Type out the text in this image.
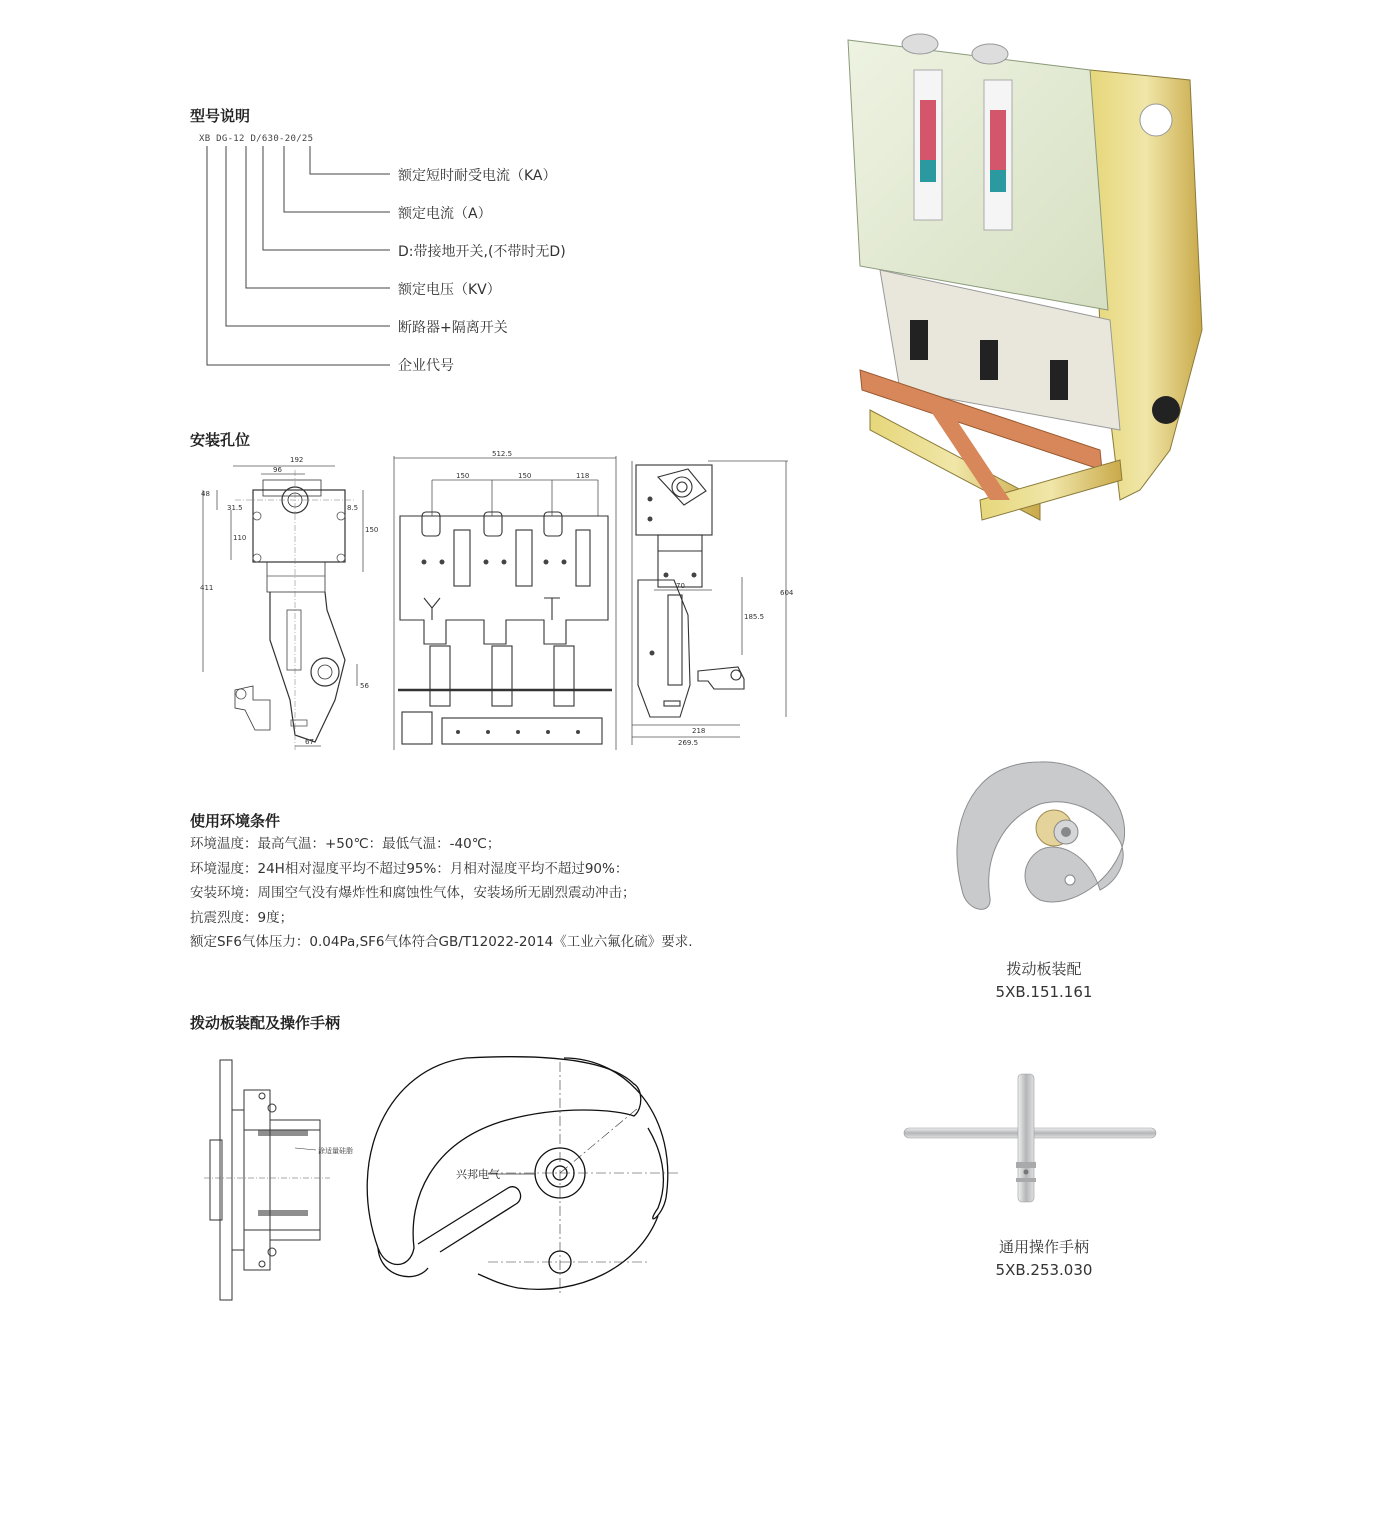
型号说明
XB DG-12 D/630-20/25
额定短时耐受电流（KA）
额定电流（A）
D:带接地开关,(不带时无D)
额定电压（KV）
断路器+隔离开关
企业代号
安装孔位
192
96
48
31.5	8.5
150
110
411
56
67
512.5
150	150	118
604
70
185.5
218
269.5
使用环境条件
环境温度：最高气温：+50℃：最低气温：-40℃；
环境湿度：24H相对湿度平均不超过95%：月相对湿度平均不超过90%：
安装环境：周围空气没有爆炸性和腐蚀性气体，安装场所无剧烈震动冲击；
抗震烈度：9度；
额定SF6气体压力：0.04Pa,SF6气体符合GB/T12022-2014《工业六氟化硫》要求.
拨动板装配及操作手柄
涂适量硅脂
兴邦电气
拨动板装配
5XB.151.161
通用操作手柄
5XB.253.030
